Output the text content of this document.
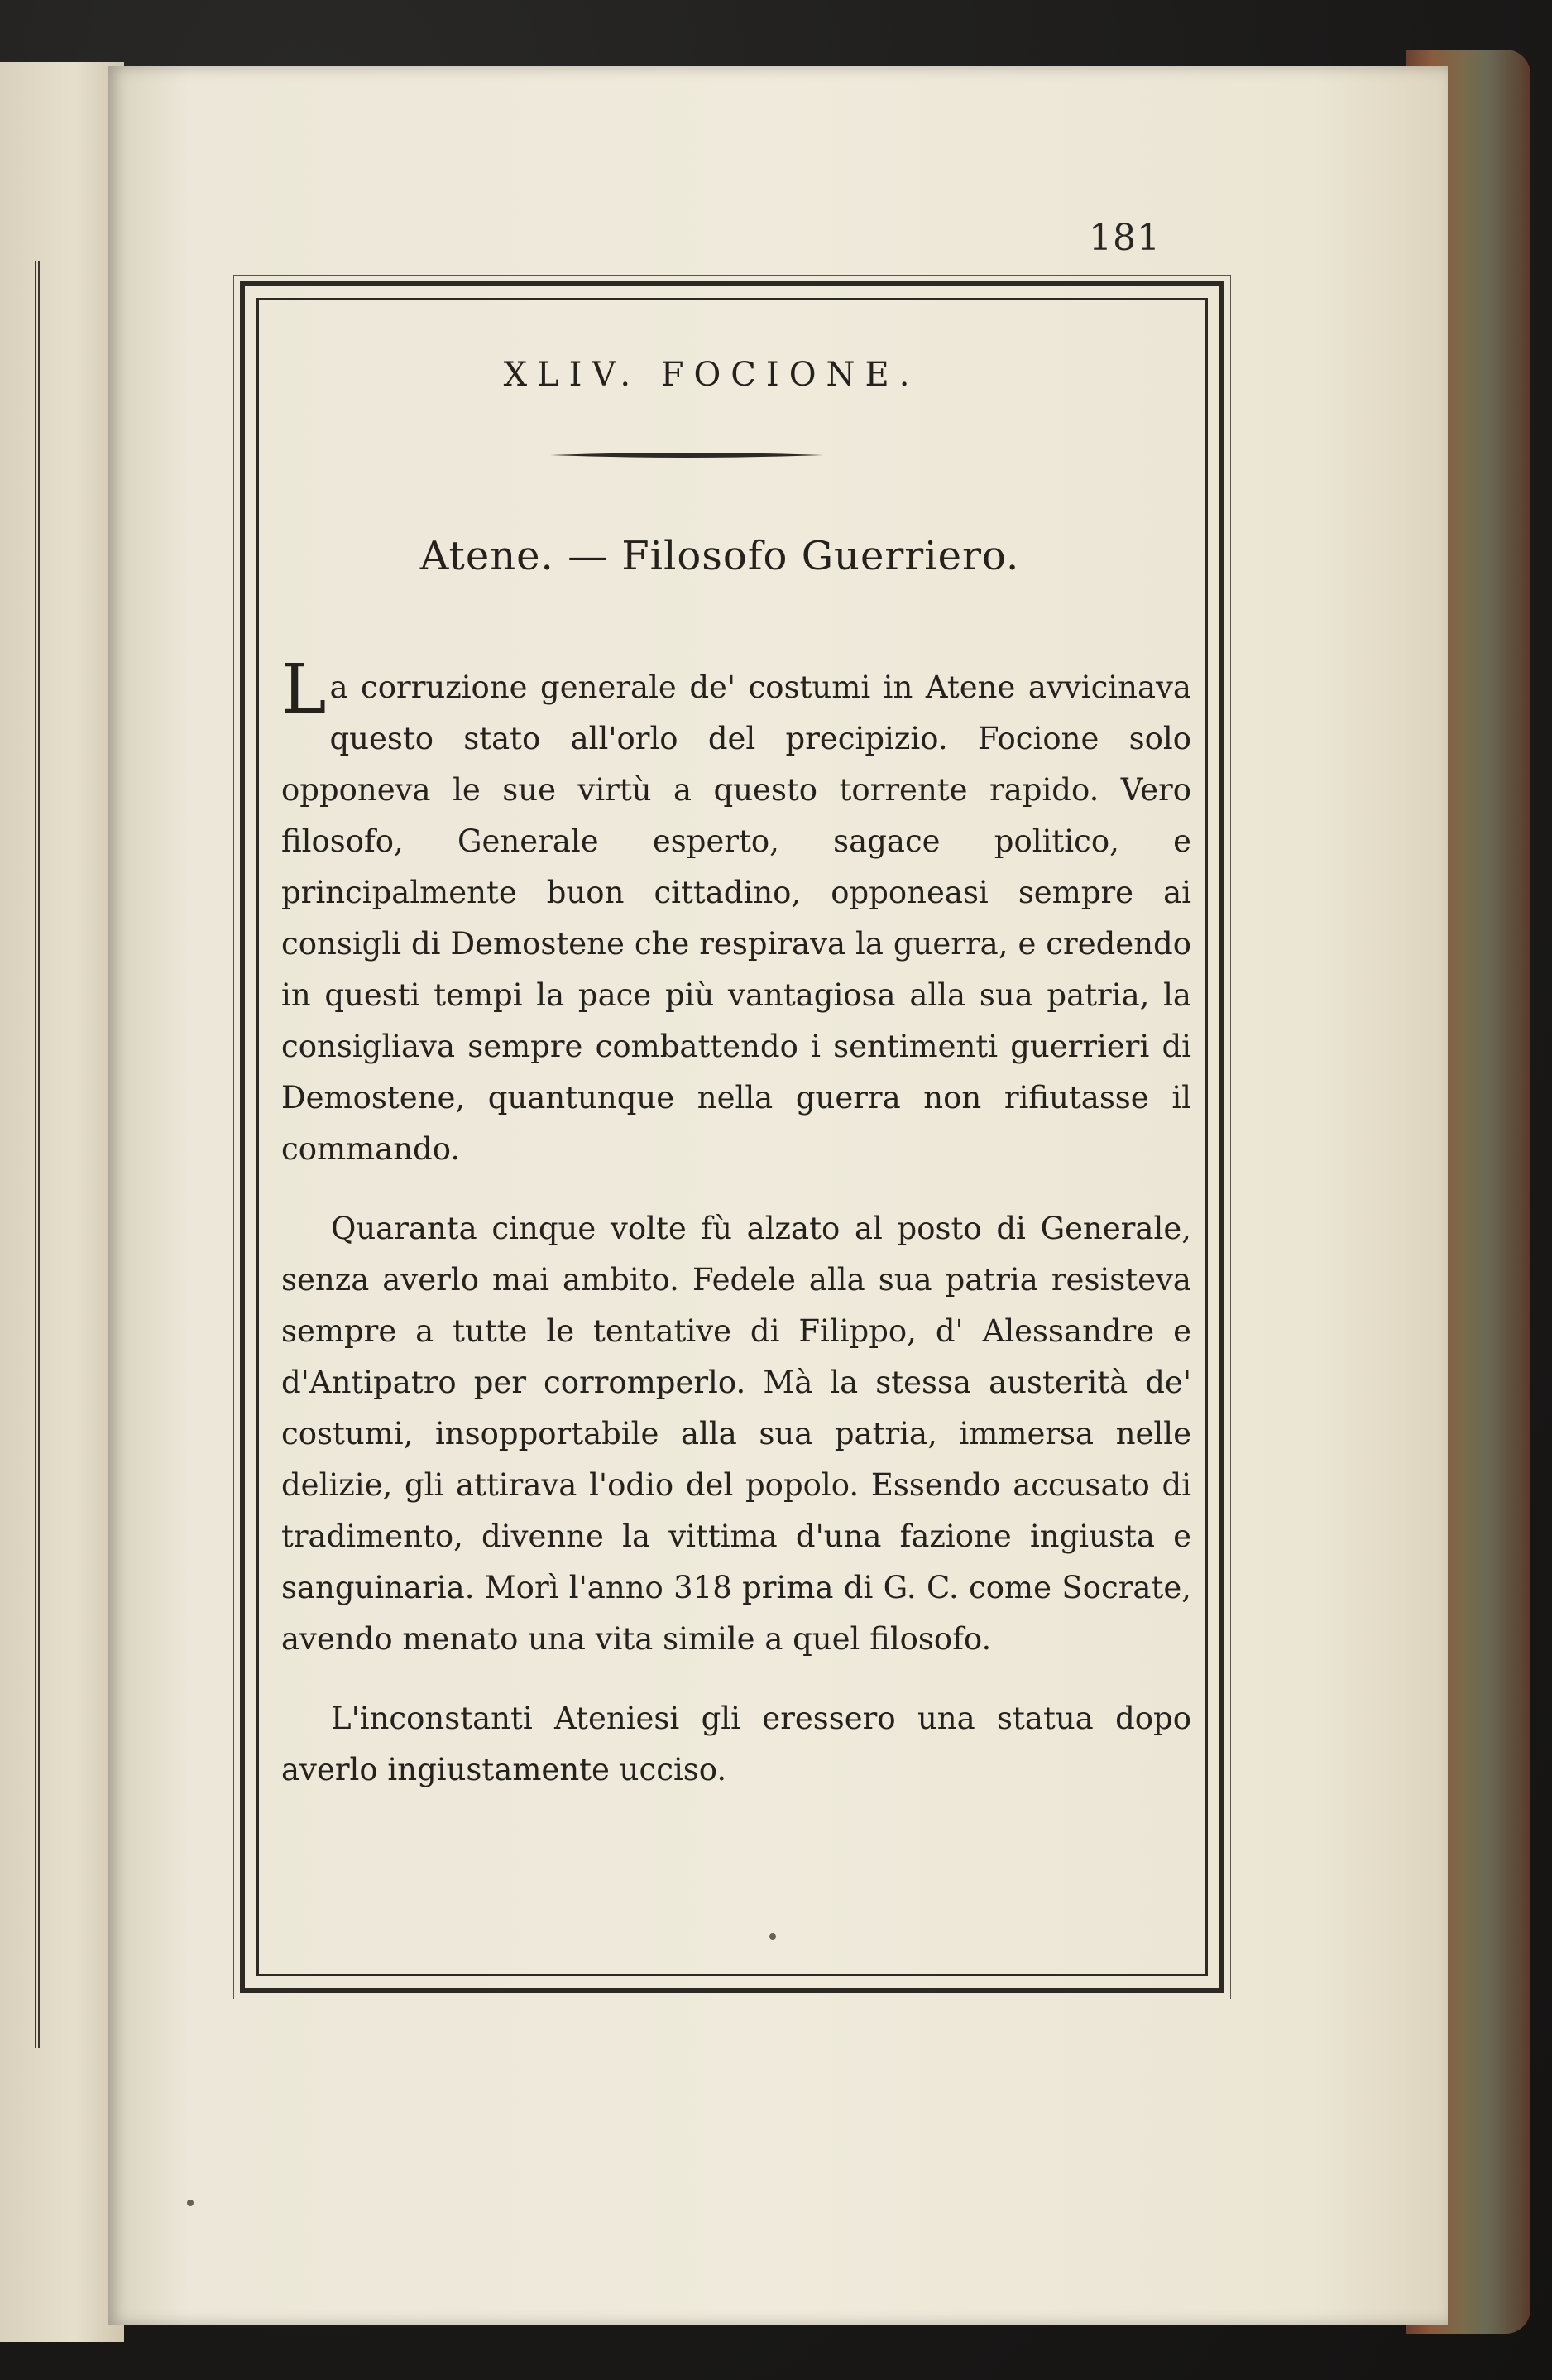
181
XLIV. FOCIONE.
Atene. — Filosofo Guerriero.

La corruzione generale de' costumi in Atene avvicinava questo stato all'orlo del precipizio. Focione solo opponeva le sue virtù a questo torrente rapido. Vero filosofo, Generale esperto, sagace politico, e principalmente buon cittadino, opponeasi sempre ai consigli di Demostene che respirava la guerra, e credendo in questi tempi la pace più vantagiosa alla sua patria, la consigliava sempre combattendo i sentimenti guerrieri di Demostene, quantunque nella guerra non rifiutasse il commando.

Quaranta cinque volte fù alzato al posto di Generale, senza averlo mai ambito. Fedele alla sua patria resisteva sempre a tutte le tentative di Filippo, d' Alessandre e d'Antipatro per corromperlo. Mà la stessa austerità de' costumi, insopportabile alla sua patria, immersa nelle delizie, gli attirava l'odio del popolo. Essendo accusato di tradimento, divenne la vittima d'una fazione ingiusta e sanguinaria. Morì l'anno 318 prima di G. C. come Socrate, avendo menato una vita simile a quel filosofo.

L'inconstanti Ateniesi gli eressero una statua dopo averlo ingiustamente ucciso.
